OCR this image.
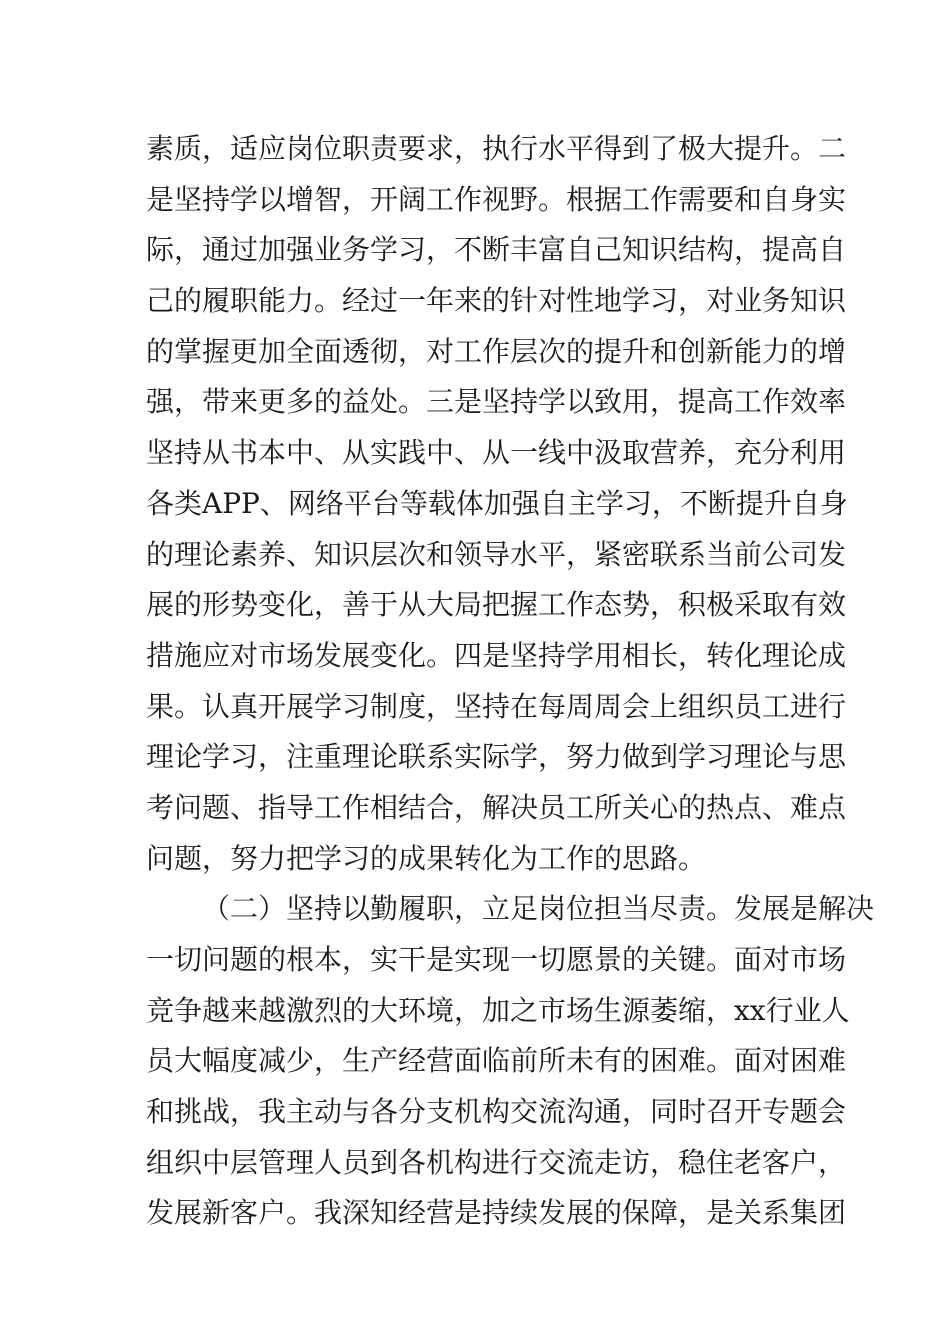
素质，适应岗位职责要求，执行水平得到了极大提升。二
是坚持学以增智，开阔工作视野。根据工作需要和自身实
际，通过加强业务学习，不断丰富自己知识结构，提高自
己的履职能力。经过一年来的针对性地学习，对业务知识
的掌握更加全面透彻，对工作层次的提升和创新能力的增
强，带来更多的益处。三是坚持学以致用，提高工作效率
坚持从书本中、从实践中、从一线中汲取营养，充分利用
各类APP、网络平台等载体加强自主学习，不断提升自身
的理论素养、知识层次和领导水平，紧密联系当前公司发
展的形势变化，善于从大局把握工作态势，积极采取有效
措施应对市场发展变化。四是坚持学用相长，转化理论成
果。认真开展学习制度，坚持在每周周会上组织员工进行
理论学习，注重理论联系实际学，努力做到学习理论与思
考问题、指导工作相结合，解决员工所关心的热点、难点
问题，努力把学习的成果转化为工作的思路。
（二）坚持以勤履职，立足岗位担当尽责。发展是解决
一切问题的根本，实干是实现一切愿景的关键。面对市场
竞争越来越激烈的大环境，加之市场生源萎缩，xx行业人
员大幅度减少，生产经营面临前所未有的困难。面对困难
和挑战，我主动与各分支机构交流沟通，同时召开专题会
组织中层管理人员到各机构进行交流走访，稳住老客户，
发展新客户。我深知经营是持续发展的保障，是关系集团
